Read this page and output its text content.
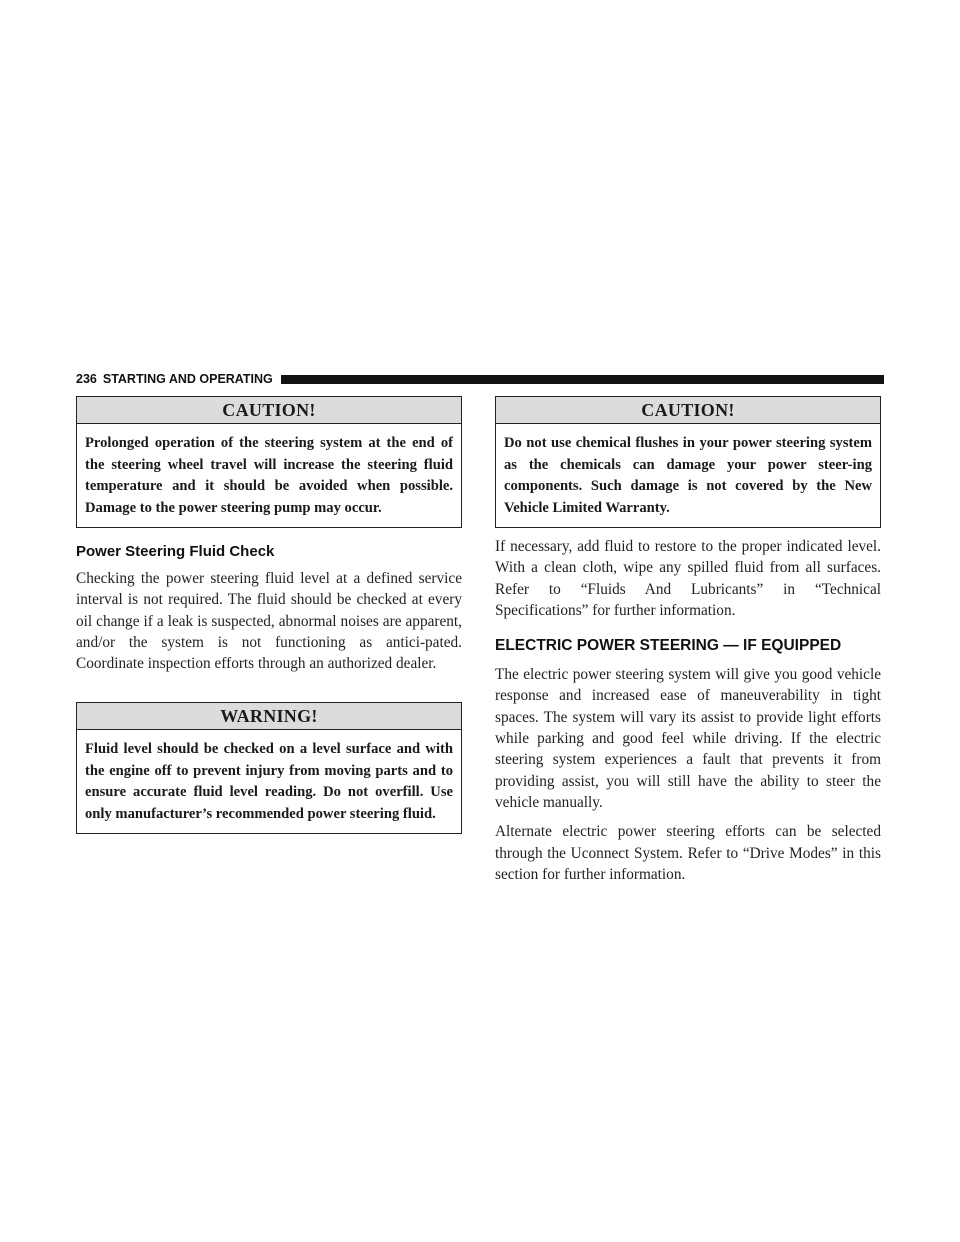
236 STARTING AND OPERATING
CAUTION!
Prolonged operation of the steering system at the end of the steering wheel travel will increase the steering fluid temperature and it should be avoided when possible. Damage to the power steering pump may occur.
Power Steering Fluid Check

Checking the power steering fluid level at a defined service interval is not required. The fluid should be checked at every oil change if a leak is suspected, abnormal noises are apparent, and/or the system is not functioning as antici-pated. Coordinate inspection efforts through an authorized dealer.

WARNING!
Fluid level should be checked on a level surface and with the engine off to prevent injury from moving parts and to ensure accurate fluid level reading. Do not overfill. Use only manufacturer’s recommended power steering fluid.
CAUTION!
Do not use chemical flushes in your power steering system as the chemicals can damage your power steer-ing components. Such damage is not covered by the New Vehicle Limited Warranty.

If necessary, add fluid to restore to the proper indicated level. With a clean cloth, wipe any spilled fluid from all surfaces. Refer to “Fluids And Lubricants” in “Technical Specifications” for further information.

ELECTRIC POWER STEERING — IF EQUIPPED

The electric power steering system will give you good vehicle response and increased ease of maneuverability in tight spaces. The system will vary its assist to provide light efforts while parking and good feel while driving. If the electric steering system experiences a fault that prevents it from providing assist, you will still have the ability to steer the vehicle manually.

Alternate electric power steering efforts can be selected through the Uconnect System. Refer to “Drive Modes” in this section for further information.
